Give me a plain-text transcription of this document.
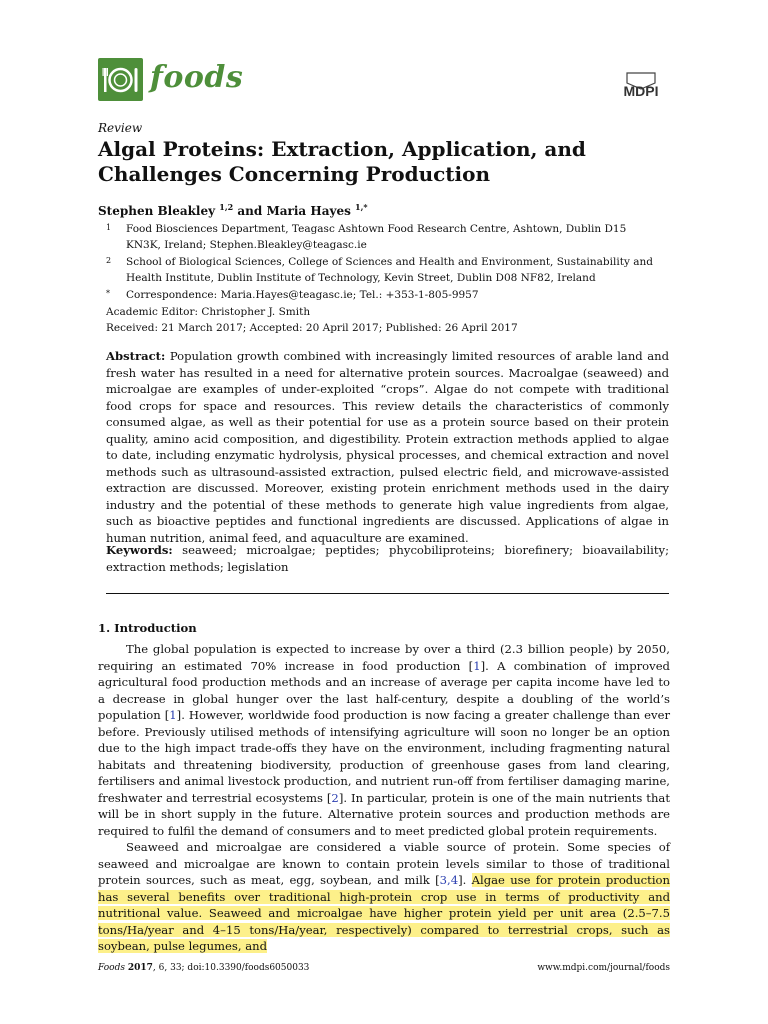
foods	MDPI
Review
Algal Proteins: Extraction, Application, and Challenges Concerning Production
Stephen Bleakley $^{1,2}$ and Maria Hayes $^{1,*}$
1 Food Biosciences Department, Teagasc Ashtown Food Research Centre, Ashtown, Dublin D15 KN3K, Ireland; Stephen.Bleakley@teagasc.ie
2 School of Biological Sciences, College of Sciences and Health and Environment, Sustainability and Health Institute, Dublin Institute of Technology, Kevin Street, Dublin D08 NF82, Ireland
* Correspondence: Maria.Hayes@teagasc.ie; Tel.: +353-1-805-9957
Academic Editor: Christopher J. Smith
Received: 21 March 2017; Accepted: 20 April 2017; Published: 26 April 2017
Abstract: Population growth combined with increasingly limited resources of arable land and fresh water has resulted in a need for alternative protein sources. Macroalgae (seaweed) and microalgae are examples of under-exploited “crops”. Algae do not compete with traditional food crops for space and resources. This review details the characteristics of commonly consumed algae, as well as their potential for use as a protein source based on their protein quality, amino acid composition, and digestibility. Protein extraction methods applied to algae to date, including enzymatic hydrolysis, physical processes, and chemical extraction and novel methods such as ultrasound-assisted extraction, pulsed electric field, and microwave-assisted extraction are discussed. Moreover, existing protein enrichment methods used in the dairy industry and the potential of these methods to generate high value ingredients from algae, such as bioactive peptides and functional ingredients are discussed. Applications of algae in human nutrition, animal feed, and aquaculture are examined.
Keywords: seaweed; microalgae; peptides; phycobiliproteins; biorefinery; bioavailability; extraction methods; legislation
1. Introduction

The global population is expected to increase by over a third (2.3 billion people) by 2050, requiring an estimated 70% increase in food production [1]. A combination of improved agricultural food production methods and an increase of average per capita income have led to a decrease in global hunger over the last half-century, despite a doubling of the world’s population [1]. However, worldwide food production is now facing a greater challenge than ever before. Previously utilised methods of intensifying agriculture will soon no longer be an option due to the high impact trade-offs they have on the environment, including fragmenting natural habitats and threatening biodiversity, production of greenhouse gases from land clearing, fertilisers and animal livestock production, and nutrient run-off from fertiliser damaging marine, freshwater and terrestrial ecosystems [2]. In particular, protein is one of the main nutrients that will be in short supply in the future. Alternative protein sources and production methods are required to fulfil the demand of consumers and to meet predicted global protein requirements.

Seaweed and microalgae are considered a viable source of protein. Some species of seaweed and microalgae are known to contain protein levels similar to those of traditional protein sources, such as meat, egg, soybean, and milk [3,4]. Algae use for protein production has several benefits over traditional high-protein crop use in terms of productivity and nutritional value. Seaweed and microalgae have higher protein yield per unit area (2.5–7.5 tons/Ha/year and 4–15 tons/Ha/year, respectively) compared to terrestrial crops, such as soybean, pulse legumes, and

Foods 2017, 6, 33; doi:10.3390/foods6050033	www.mdpi.com/journal/foods
